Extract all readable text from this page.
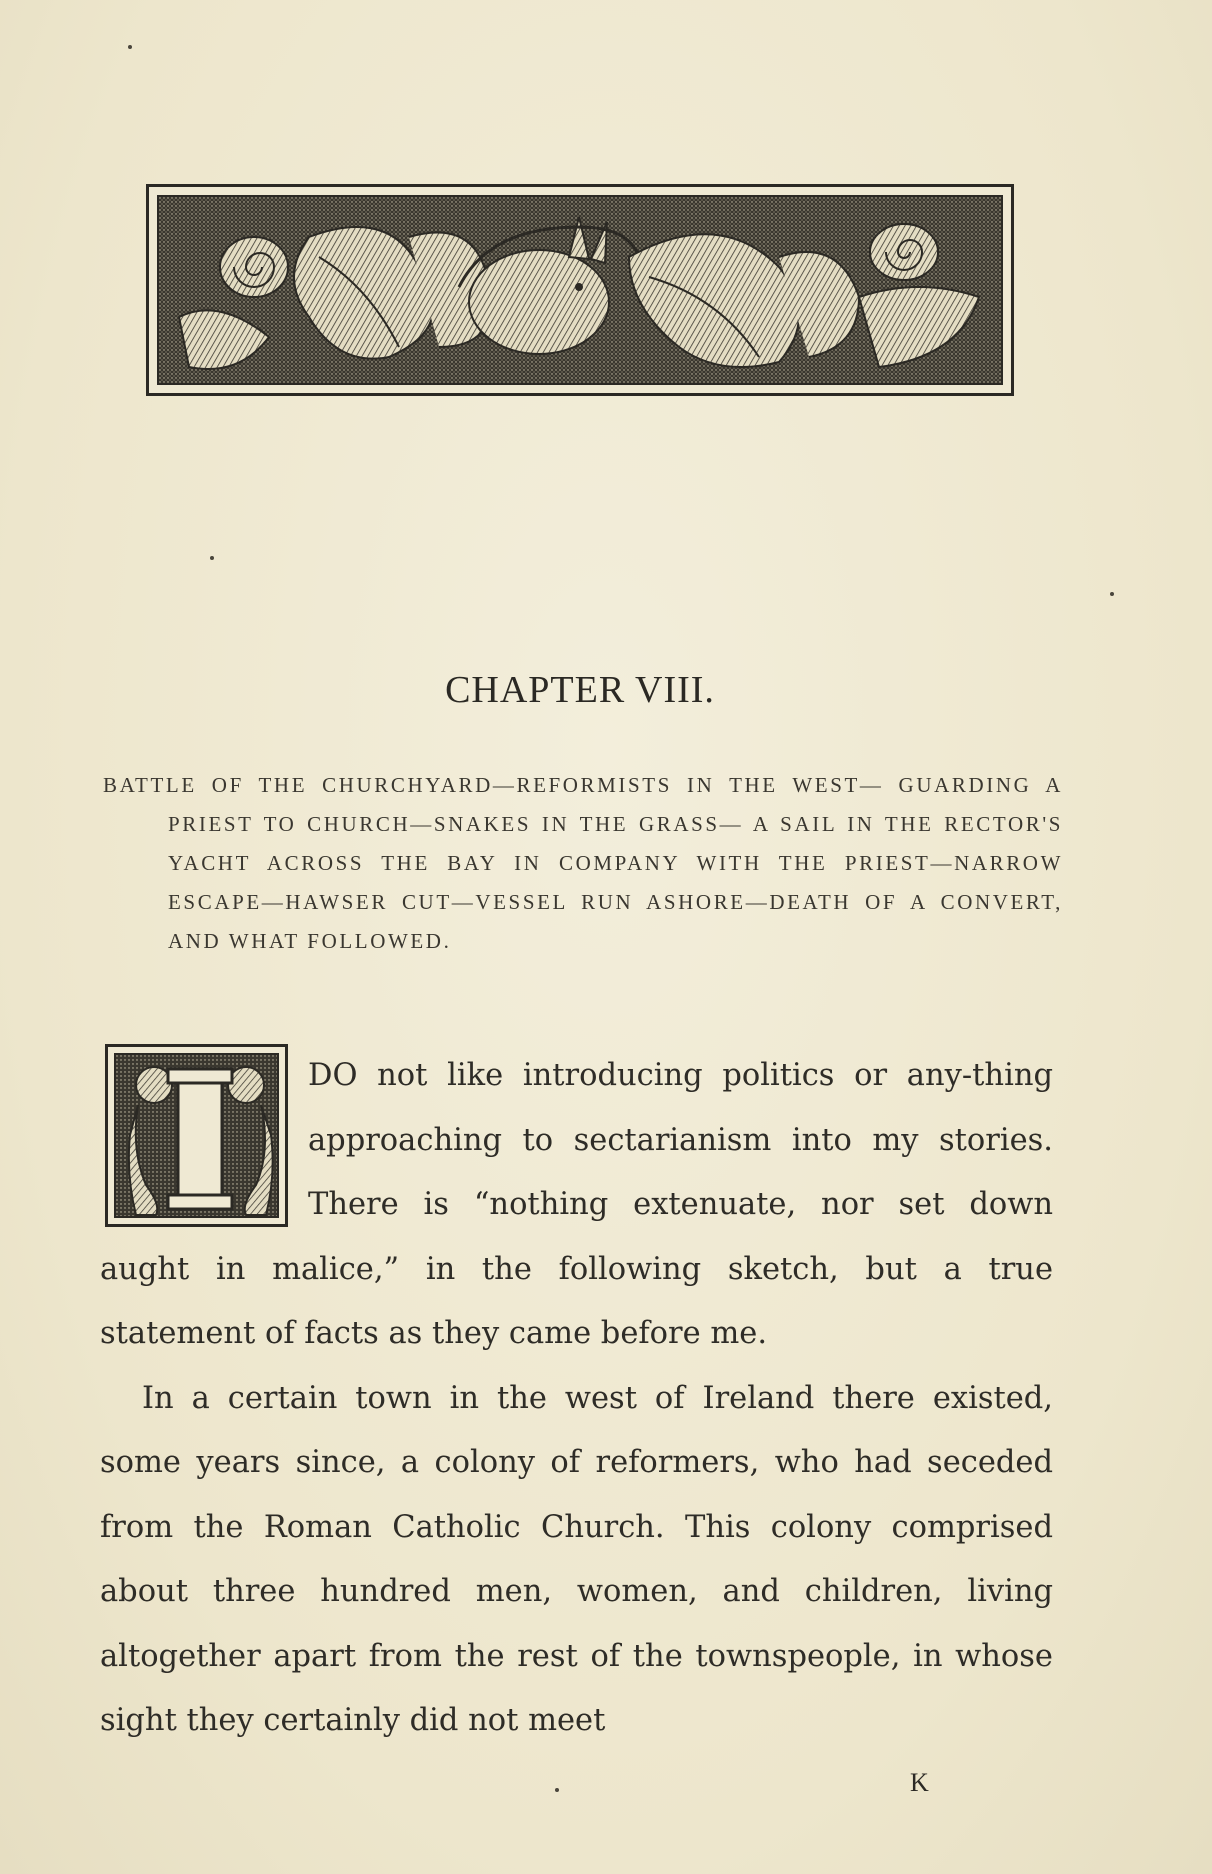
CHAPTER VIII.
BATTLE OF THE CHURCHYARD—REFORMISTS IN THE WEST— GUARDING A PRIEST TO CHURCH—SNAKES IN THE GRASS— A SAIL IN THE RECTOR'S YACHT ACROSS THE BAY IN COMPANY WITH THE PRIEST—NARROW ESCAPE—HAWSER CUT—VESSEL RUN ASHORE—DEATH OF A CONVERT, AND WHAT FOLLOWED.

DO not like introducing politics or any-thing approaching to sectarianism into my stories. There is “nothing extenuate, nor set down aught in malice,” in the following sketch, but a true statement of facts as they came before me.

In a certain town in the west of Ireland there existed, some years since, a colony of reformers, who had seceded from the Roman Catholic Church. This colony comprised about three hundred men, women, and children, living altogether apart from the rest of the townspeople, in whose sight they certainly did not meet

K
